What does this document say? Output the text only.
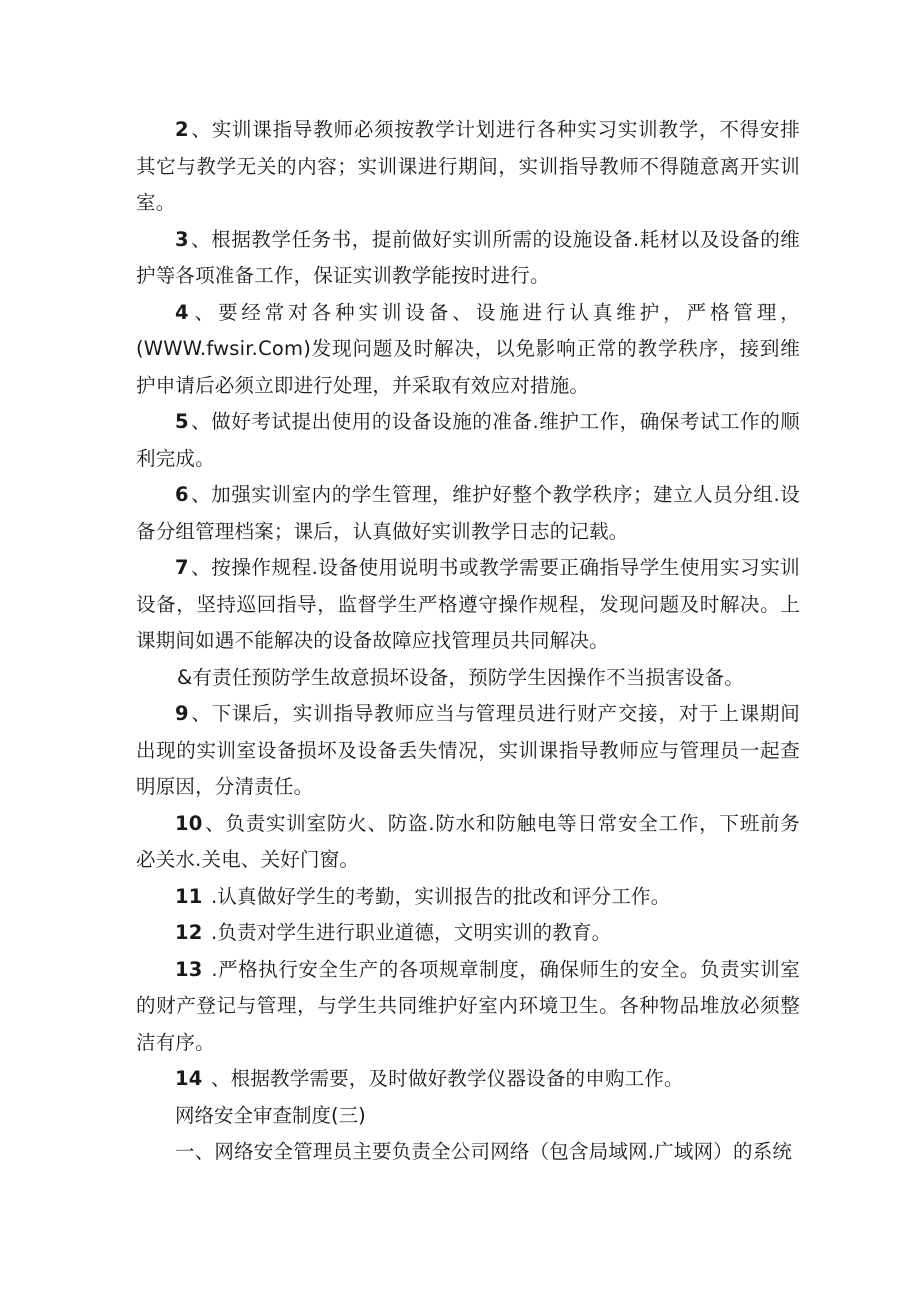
2 、实训课指导教师必须按教学计划进行各种实习实训教学，不得安排其它与教学无关的内容；实训课进行期间，实训指导教师不得随意离开实训室。

3 、根据教学任务书，提前做好实训所需的设施设备.耗材以及设备的维护等各项准备工作，保证实训教学能按时进行。

4 、要经常对各种实训设备、设施进行认真维护，严格管理，(WWW.fwsir.Com)发现问题及时解决，以免影响正常的教学秩序，接到维护申请后必须立即进行处理，并采取有效应对措施。

5 、做好考试提出使用的设备设施的准备.维护工作，确保考试工作的顺利完成。

6 、加强实训室内的学生管理，维护好整个教学秩序；建立人员分组.设备分组管理档案；课后，认真做好实训教学日志的记载。

7 、按操作规程.设备使用说明书或教学需要正确指导学生使用实习实训设备，坚持巡回指导，监督学生严格遵守操作规程，发现问题及时解决。上课期间如遇不能解决的设备故障应找管理员共同解决。

&有责任预防学生故意损坏设备，预防学生因操作不当损害设备。

9 、下课后，实训指导教师应当与管理员进行财产交接，对于上课期间出现的实训室设备损坏及设备丢失情况，实训课指导教师应与管理员一起查明原因，分清责任。

10 、负责实训室防火、防盗.防水和防触电等日常安全工作，下班前务必关水.关电、关好门窗。

11 .认真做好学生的考勤，实训报告的批改和评分工作。

12 .负责对学生进行职业道德，文明实训的教育。

13 .严格执行安全生产的各项规章制度，确保师生的安全。负责实训室的财产登记与管理，与学生共同维护好室内环境卫生。各种物品堆放必须整洁有序。

14 、根据教学需要，及时做好教学仪器设备的申购工作。

网络安全审查制度(三)

一、网络安全管理员主要负责全公司网络（包含局域网.广域网）的系统
